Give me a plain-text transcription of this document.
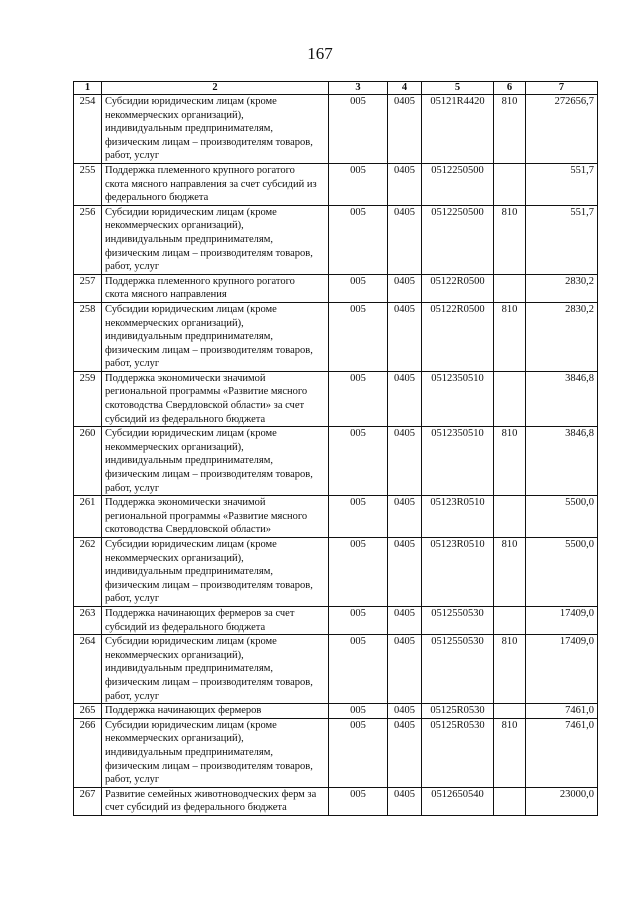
167
1	2	3	4	5	6	7
254	Субсидии юридическим лицам (кроме
некоммерческих организаций),
индивидуальным предпринимателям,
физическим лицам – производителям товаров,
работ, услуг	005	0405	05121R4420	810	272656,7
255	Поддержка племенного крупного рогатого
скота мясного направления за счет субсидий из
федерального бюджета	005	0405	0512250500		551,7
256	Субсидии юридическим лицам (кроме
некоммерческих организаций),
индивидуальным предпринимателям,
физическим лицам – производителям товаров,
работ, услуг	005	0405	0512250500	810	551,7
257	Поддержка племенного крупного рогатого
скота мясного направления	005	0405	05122R0500		2830,2
258	Субсидии юридическим лицам (кроме
некоммерческих организаций),
индивидуальным предпринимателям,
физическим лицам – производителям товаров,
работ, услуг	005	0405	05122R0500	810	2830,2
259	Поддержка экономически значимой
региональной программы «Развитие мясного
скотоводства Свердловской области» за счет
субсидий из федерального бюджета	005	0405	0512350510		3846,8
260	Субсидии юридическим лицам (кроме
некоммерческих организаций),
индивидуальным предпринимателям,
физическим лицам – производителям товаров,
работ, услуг	005	0405	0512350510	810	3846,8
261	Поддержка экономически значимой
региональной программы «Развитие мясного
скотоводства Свердловской области»	005	0405	05123R0510		5500,0
262	Субсидии юридическим лицам (кроме
некоммерческих организаций),
индивидуальным предпринимателям,
физическим лицам – производителям товаров,
работ, услуг	005	0405	05123R0510	810	5500,0
263	Поддержка начинающих фермеров за счет
субсидий из федерального бюджета	005	0405	0512550530		17409,0
264	Субсидии юридическим лицам (кроме
некоммерческих организаций),
индивидуальным предпринимателям,
физическим лицам – производителям товаров,
работ, услуг	005	0405	0512550530	810	17409,0
265	Поддержка начинающих фермеров	005	0405	05125R0530		7461,0
266	Субсидии юридическим лицам (кроме
некоммерческих организаций),
индивидуальным предпринимателям,
физическим лицам – производителям товаров,
работ, услуг	005	0405	05125R0530	810	7461,0
267	Развитие семейных животноводческих ферм за
счет субсидий из федерального бюджета	005	0405	0512650540		23000,0
